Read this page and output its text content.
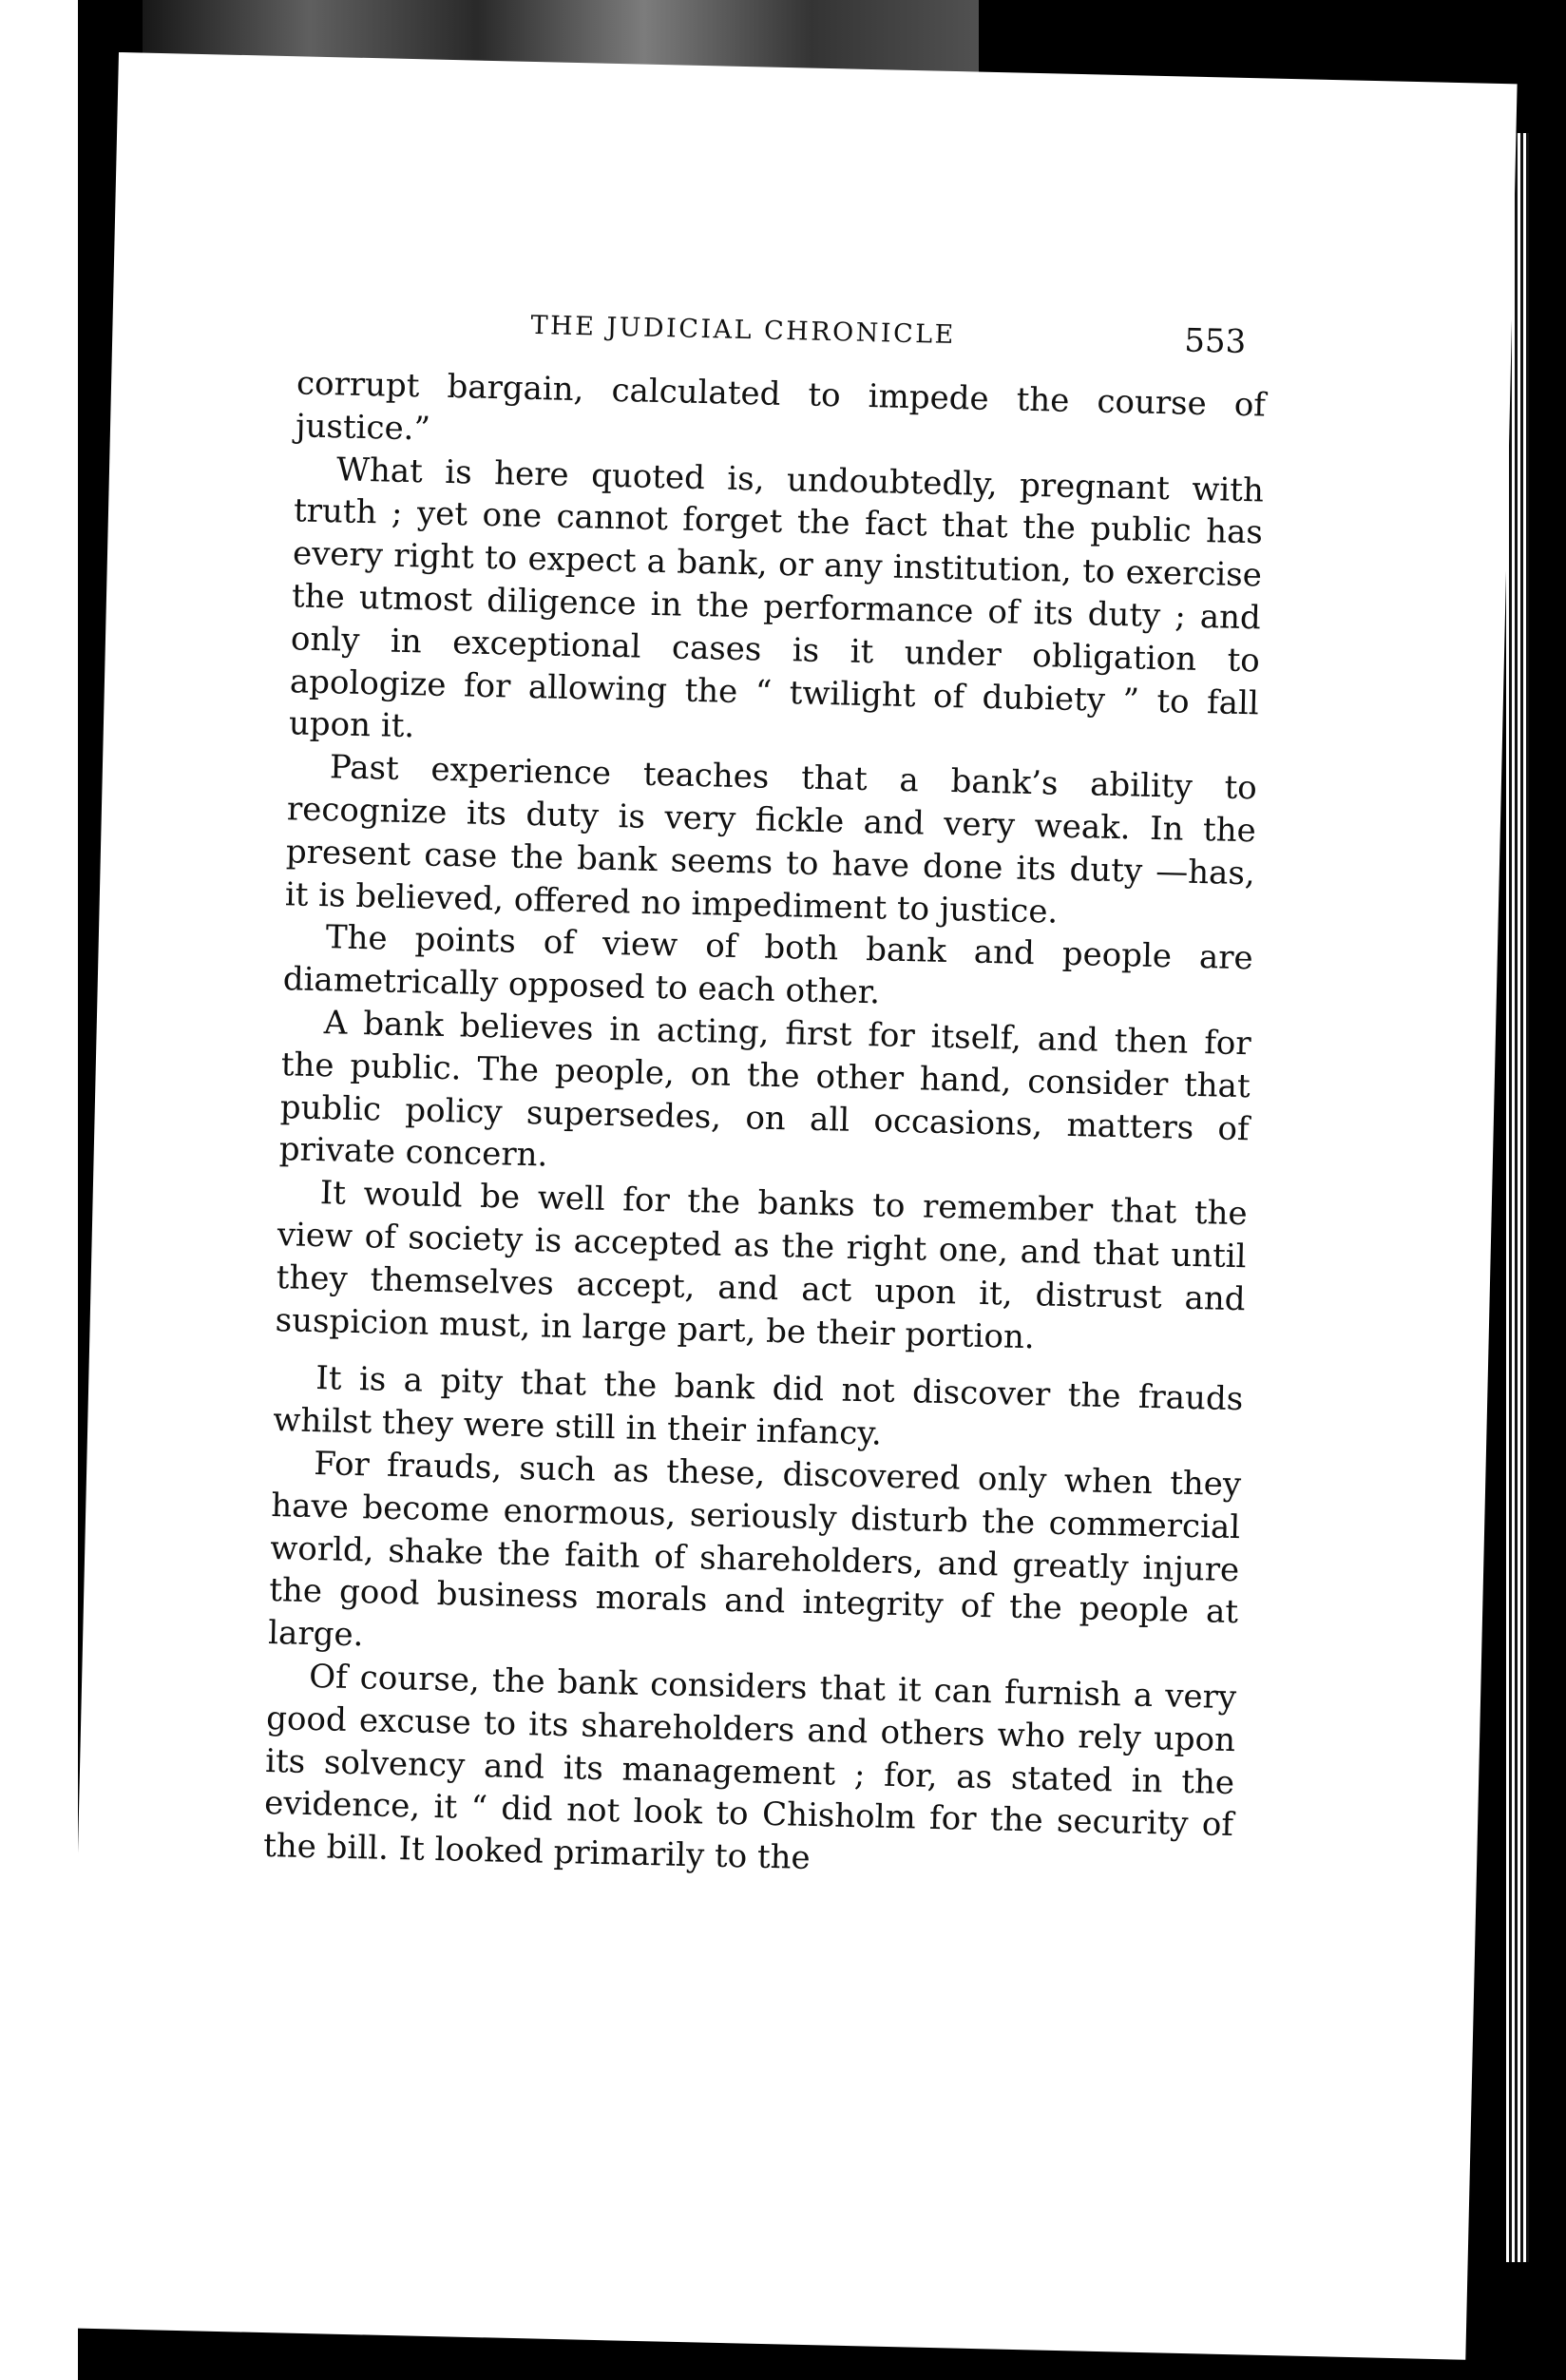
THE JUDICIAL CHRONICLE	553

corrupt bargain, calculated to impede the course of justice.”

What is here quoted is, undoubtedly, pregnant with truth ; yet one cannot forget the fact that the public has every right to expect a bank, or any institution, to exercise the utmost diligence in the performance of its duty ; and only in exceptional cases is it under obligation to apologize for allowing the “ twilight of dubiety ” to fall upon it.

Past experience teaches that a bank’s ability to recognize its duty is very fickle and very weak. In the present case the bank seems to have done its duty —has, it is believed, offered no impediment to justice.

The points of view of both bank and people are diametrically opposed to each other.

A bank believes in acting, first for itself, and then for the public. The people, on the other hand, consider that public policy supersedes, on all occasions, matters of private concern.

It would be well for the banks to remember that the view of society is accepted as the right one, and that until they themselves accept, and act upon it, distrust and suspicion must, in large part, be their portion.

It is a pity that the bank did not discover the frauds whilst they were still in their infancy.

For frauds, such as these, discovered only when they have become enormous, seriously disturb the commercial world, shake the faith of shareholders, and greatly injure the good business morals and integrity of the people at large.

Of course, the bank considers that it can furnish a very good excuse to its shareholders and others who rely upon its solvency and its management ; for, as stated in the evidence, it “ did not look to Chisholm for the security of the bill. It looked primarily to the
